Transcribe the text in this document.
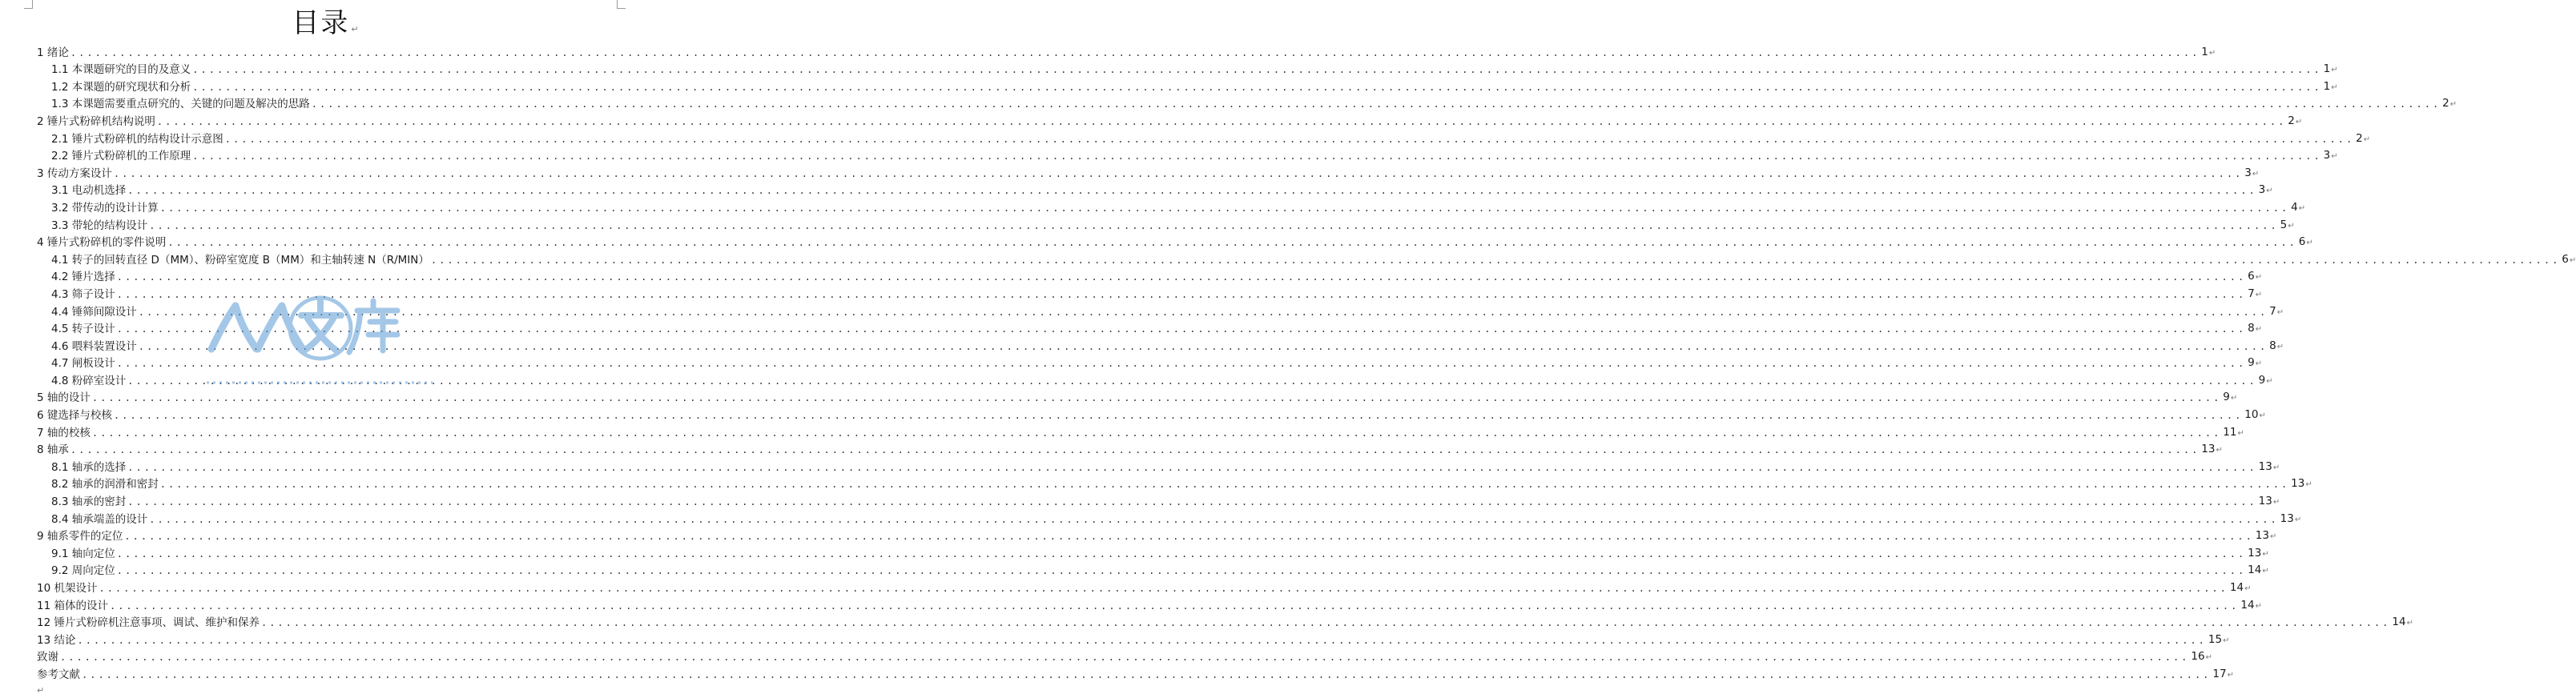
目录 ↵
1 绪论 .................................................................................................................................................................................................................................................................... 1 ↵
1.1 本课题研究的目的及意义 .................................................................................................................................................................................................................................................................... 1 ↵
1.2 本课题的研究现状和分析 .................................................................................................................................................................................................................................................................... 1 ↵
1.3 本课题需要重点研究的、关键的问题及解决的思路 .................................................................................................................................................................................................................................................................... 2 ↵
2 锤片式粉碎机结构说明 .................................................................................................................................................................................................................................................................... 2 ↵
2.1 锤片式粉碎机的结构设计示意图 .................................................................................................................................................................................................................................................................... 2 ↵
2.2 锤片式粉碎机的工作原理 .................................................................................................................................................................................................................................................................... 3 ↵
3 传动方案设计 .................................................................................................................................................................................................................................................................... 3 ↵
3.1 电动机选择 .................................................................................................................................................................................................................................................................... 3 ↵
3.2 带传动的设计计算 .................................................................................................................................................................................................................................................................... 4 ↵
3.3 带轮的结构设计 .................................................................................................................................................................................................................................................................... 5 ↵
4 锤片式粉碎机的零件说明 .................................................................................................................................................................................................................................................................... 6 ↵
4.1 转子的回转直径 D（MM）、粉碎室宽度 B（MM）和主轴转速 N（R/MIN） .................................................................................................................................................................................................................................................................... 6 ↵
4.2 锤片选择 .................................................................................................................................................................................................................................................................... 6 ↵
4.3 筛子设计 .................................................................................................................................................................................................................................................................... 7 ↵
4.4 锤筛间隙设计 .................................................................................................................................................................................................................................................................... 7 ↵
4.5 转子设计 .................................................................................................................................................................................................................................................................... 8 ↵
4.6 喂料装置设计 .................................................................................................................................................................................................................................................................... 8 ↵
4.7 闸板设计 .................................................................................................................................................................................................................................................................... 9 ↵
4.8 粉碎室设计 .................................................................................................................................................................................................................................................................... 9 ↵
5 轴的设计 .................................................................................................................................................................................................................................................................... 9 ↵
6 键选择与校核 .................................................................................................................................................................................................................................................................... 10 ↵
7 轴的校核 .................................................................................................................................................................................................................................................................... 11 ↵
8 轴承 .................................................................................................................................................................................................................................................................... 13 ↵
8.1 轴承的选择 .................................................................................................................................................................................................................................................................... 13 ↵
8.2 轴承的润滑和密封 .................................................................................................................................................................................................................................................................... 13 ↵
8.3 轴承的密封 .................................................................................................................................................................................................................................................................... 13 ↵
8.4 轴承端盖的设计 .................................................................................................................................................................................................................................................................... 13 ↵
9 轴系零件的定位 .................................................................................................................................................................................................................................................................... 13 ↵
9.1 轴向定位 .................................................................................................................................................................................................................................................................... 13 ↵
9.2 周向定位 .................................................................................................................................................................................................................................................................... 14 ↵
10 机架设计 .................................................................................................................................................................................................................................................................... 14 ↵
11 箱体的设计 .................................................................................................................................................................................................................................................................... 14 ↵
12 锤片式粉碎机注意事项、调试、维护和保养 .................................................................................................................................................................................................................................................................... 14 ↵
13 结论 .................................................................................................................................................................................................................................................................... 15 ↵
致谢 .................................................................................................................................................................................................................................................................... 16 ↵
参考文献 .................................................................................................................................................................................................................................................................... 17 ↵
↵
